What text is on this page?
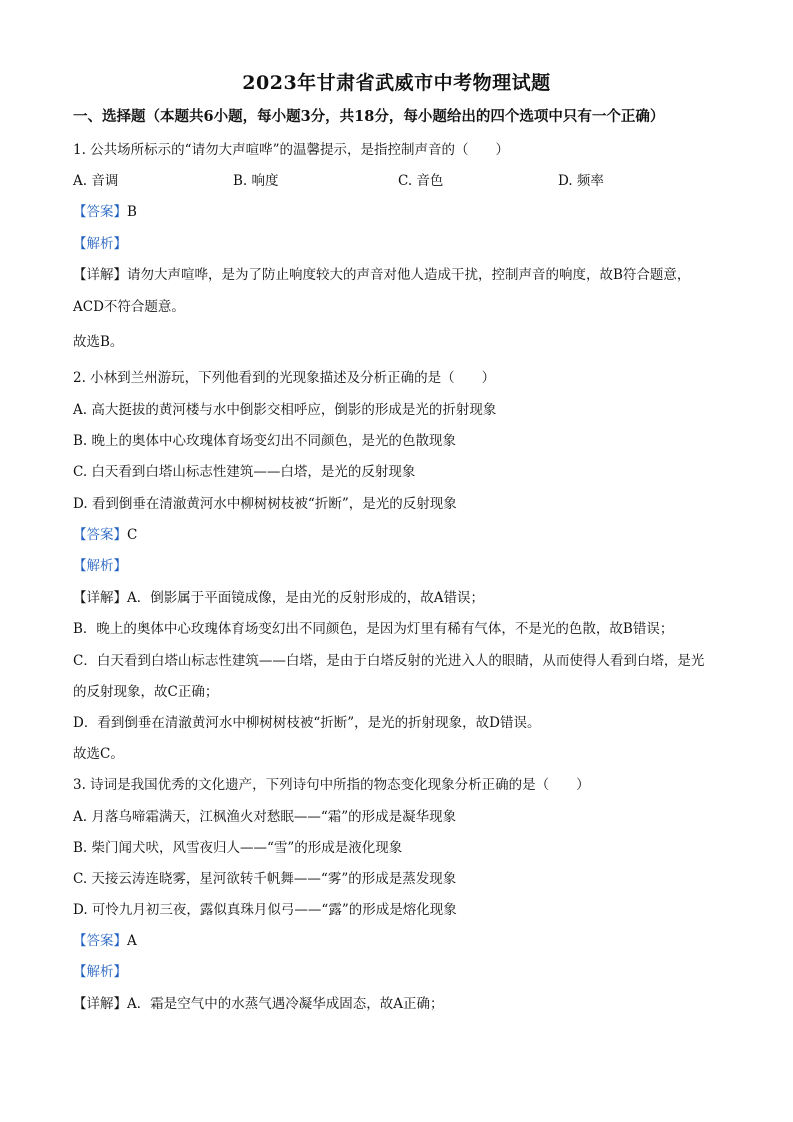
2023年甘肃省武威市中考物理试题
一、选择题（本题共6小题，每小题3分，共18分，每小题给出的四个选项中只有一个正确）
1. 公共场所标示的“请勿大声喧哗”的温馨提示，是指控制声音的（　　）
A. 音调	B. 响度	C. 音色	D. 频率
【答案】B
【解析】
【详解】请勿大声喧哗，是为了防止响度较大的声音对他人造成干扰，控制声音的响度，故B符合题意，
ACD不符合题意。
故选B。
2. 小林到兰州游玩，下列他看到的光现象描述及分析正确的是（　　）
A. 高大挺拔的黄河楼与水中倒影交相呼应，倒影的形成是光的折射现象
B. 晚上的奥体中心玫瑰体育场变幻出不同颜色，是光的色散现象
C. 白天看到白塔山标志性建筑——白塔，是光的反射现象
D. 看到倒垂在清澈黄河水中柳树树枝被“折断”，是光的反射现象
【答案】C
【解析】
【详解】A．倒影属于平面镜成像，是由光的反射形成的，故A错误；
B．晚上的奥体中心玫瑰体育场变幻出不同颜色，是因为灯里有稀有气体，不是光的色散，故B错误；
C．白天看到白塔山标志性建筑——白塔，是由于白塔反射的光进入人的眼睛，从而使得人看到白塔，是光
的反射现象，故C正确；
D．看到倒垂在清澈黄河水中柳树树枝被“折断”，是光的折射现象，故D错误。
故选C。
3. 诗词是我国优秀的文化遗产，下列诗句中所指的物态变化现象分析正确的是（　　）
A. 月落乌啼霜满天，江枫渔火对愁眠——“霜”的形成是凝华现象
B. 柴门闻犬吠，风雪夜归人——“雪”的形成是液化现象
C. 天接云涛连晓雾，星河欲转千帆舞——“雾”的形成是蒸发现象
D. 可怜九月初三夜，露似真珠月似弓——“露”的形成是熔化现象
【答案】A
【解析】
【详解】A．霜是空气中的水蒸气遇冷凝华成固态，故A正确；
